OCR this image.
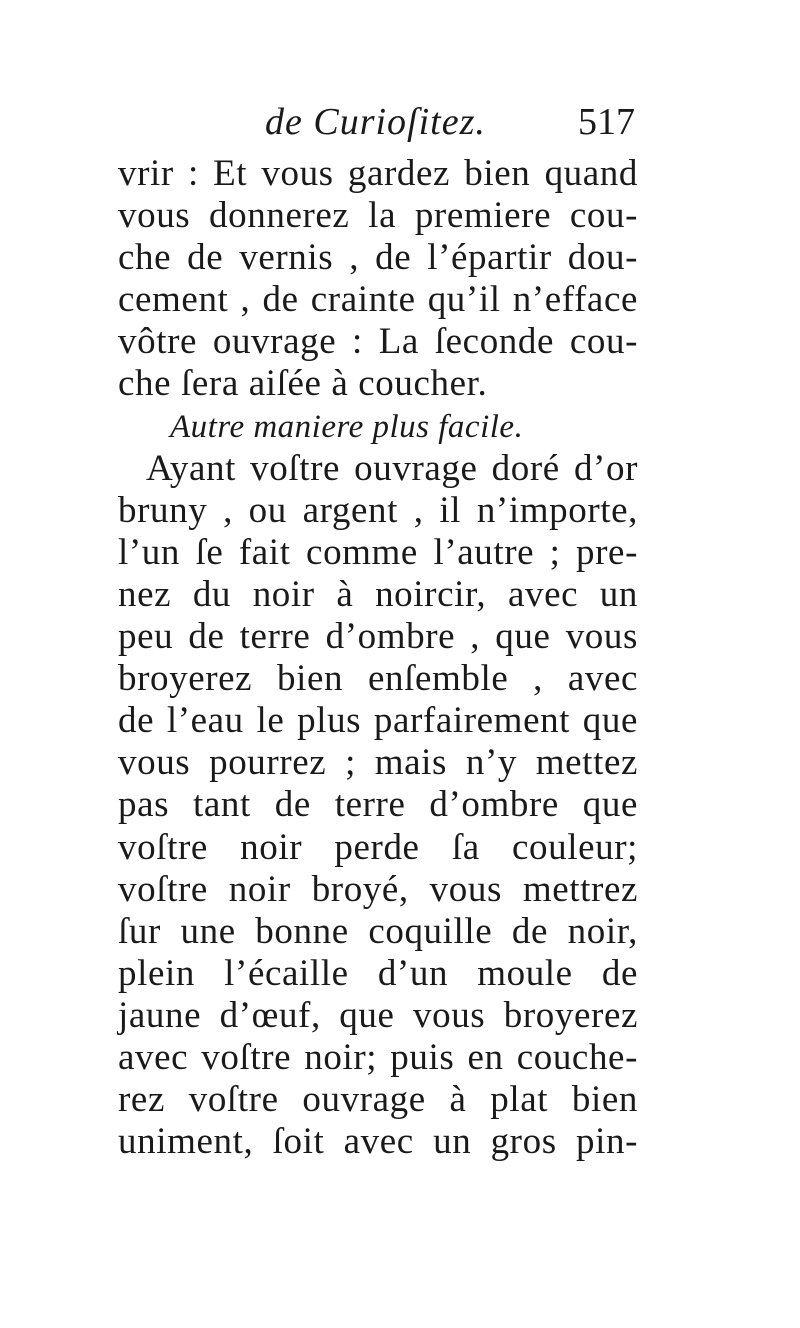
de Curioſitez. 517
vrir : Et vous gardez bien quand
vous donnerez la premiere cou-
che de vernis , de l’épartir dou-
cement , de crainte qu’il n’efface
vôtre ouvrage : La ſeconde cou-
che ſera aiſée à coucher.
Autre maniere plus facile.
Ayant voſtre ouvrage doré d’or
bruny , ou argent , il n’importe,
l’un ſe fait comme l’autre ; pre-
nez du noir à noircir, avec un
peu de terre d’ombre , que vous
broyerez bien enſemble , avec
de l’eau le plus parfairement que
vous pourrez ; mais n’y mettez
pas tant de terre d’ombre que
voſtre noir perde ſa couleur;
voſtre noir broyé, vous mettrez
ſur une bonne coquille de noir,
plein l’écaille d’un moule de
jaune d’œuf, que vous broyerez
avec voſtre noir; puis en couche-
rez voſtre ouvrage à plat bien
uniment, ſoit avec un gros pin-
